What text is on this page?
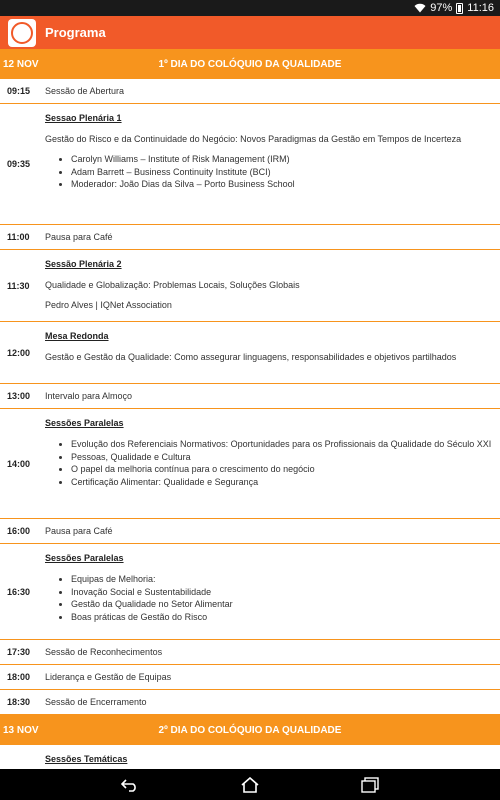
97% 11:16
Programa
12 NOV	1º DIA DO COLÓQUIO DA QUALIDADE
09:15	Sessão de Abertura
09:35
Sessao Plenária 1
Gestão do Risco e da Continuidade do Negócio: Novos Paradigmas da Gestão em Tempos de Incerteza
• Carolyn Williams – Institute of Risk Management (IRM)
• Adam Barrett – Business Continuity Institute (BCI)
• Moderador: João Dias da Silva – Porto Business School
11:00	Pausa para Café
11:30
Sessão Plenária 2
Qualidade e Globalização: Problemas Locais, Soluções Globais
Pedro Alves | IQNet Association
12:00
Mesa Redonda
Gestão e Gestão da Qualidade: Como assegurar linguagens, responsabilidades e objetivos partilhados
13:00	Intervalo para Almoço
14:00
Sessões Paralelas
• Evolução dos Referenciais Normativos: Oportunidades para os Profissionais da Qualidade do Século XXI
• Pessoas, Qualidade e Cultura
• O papel da melhoria contínua para o crescimento do negócio
• Certificação Alimentar: Qualidade e Segurança
16:00	Pausa para Café
16:30
Sessões Paralelas
• Equipas de Melhoria:
• Inovação Social e Sustentabilidade
• Gestão da Qualidade no Setor Alimentar
• Boas práticas de Gestão do Risco
17:30	Sessão de Reconhecimentos
18:00	Liderança e Gestão de Equipas
18:30	Sessão de Encerramento
13 NOV	2º DIA DO COLÓQUIO DA QUALIDADE
Sessões Temáticas
